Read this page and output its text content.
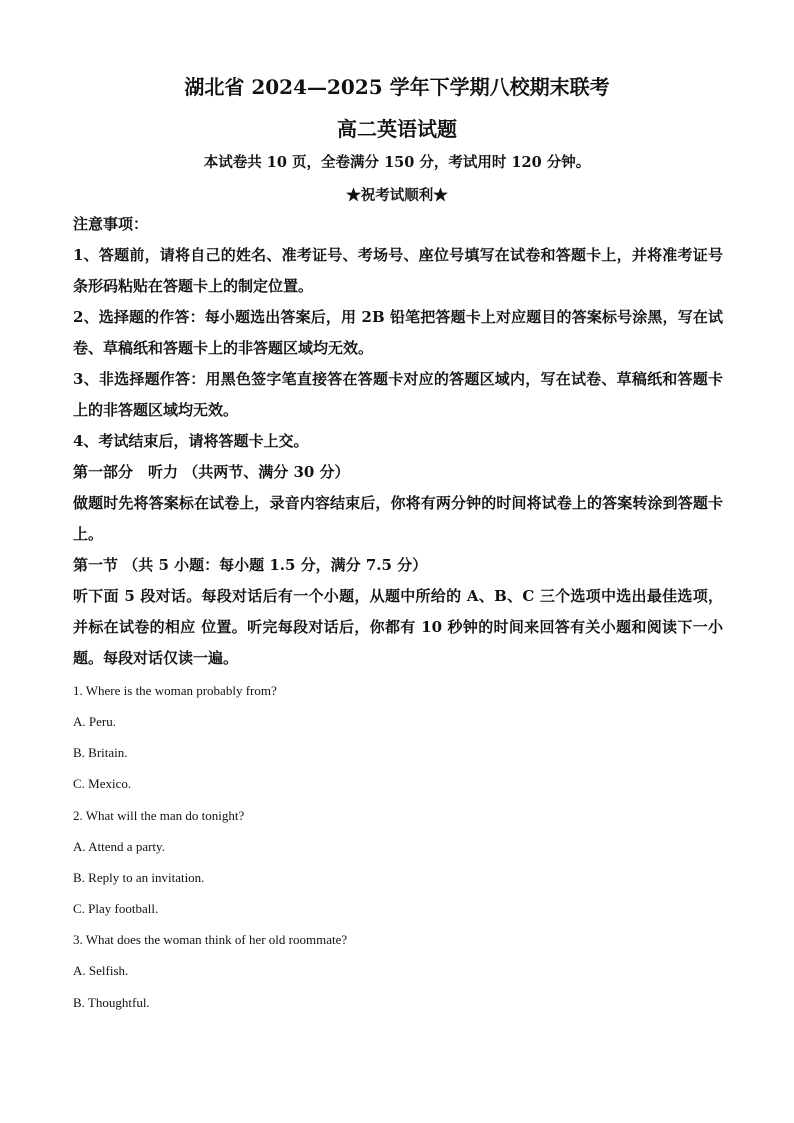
湖北省 2024—2025 学年下学期八校期末联考
高二英语试题
本试卷共 10 页，全卷满分 150 分，考试用时 120 分钟。
★祝考试顺利★

注意事项：

1、答题前，请将自己的姓名、准考证号、考场号、座位号填写在试卷和答题卡上，并将准考证号条形码粘贴在答题卡上的制定位置。

2、选择题的作答：每小题选出答案后，用 2B 铅笔把答题卡上对应题目的答案标号涂黑，写在试卷、草稿纸和答题卡上的非答题区域均无效。

3、非选择题作答：用黑色签字笔直接答在答题卡对应的答题区域内，写在试卷、草稿纸和答题卡上的非答题区域均无效。

4、考试结束后，请将答题卡上交。

第一部分　听力 （共两节、满分 30 分）

做题时先将答案标在试卷上，录音内容结束后，你将有两分钟的时间将试卷上的答案转涂到答题卡上。

第一节 （共 5 小题：每小题 1.5 分，满分 7.5 分）

听下面 5 段对话。每段对话后有一个小题，从题中所给的 A、B、C 三个选项中选出最佳选项，并标在试卷的相应 位置。听完每段对话后，你都有 10 秒钟的时间来回答有关小题和阅读下一小题。每段对话仅读一遍。

1. Where is the woman probably from?

A. Peru.

B. Britain.

C. Mexico.

2. What will the man do tonight?

A. Attend a party.

B. Reply to an invitation.

C. Play football.

3. What does the woman think of her old roommate?

A. Selfish.

B. Thoughtful.
